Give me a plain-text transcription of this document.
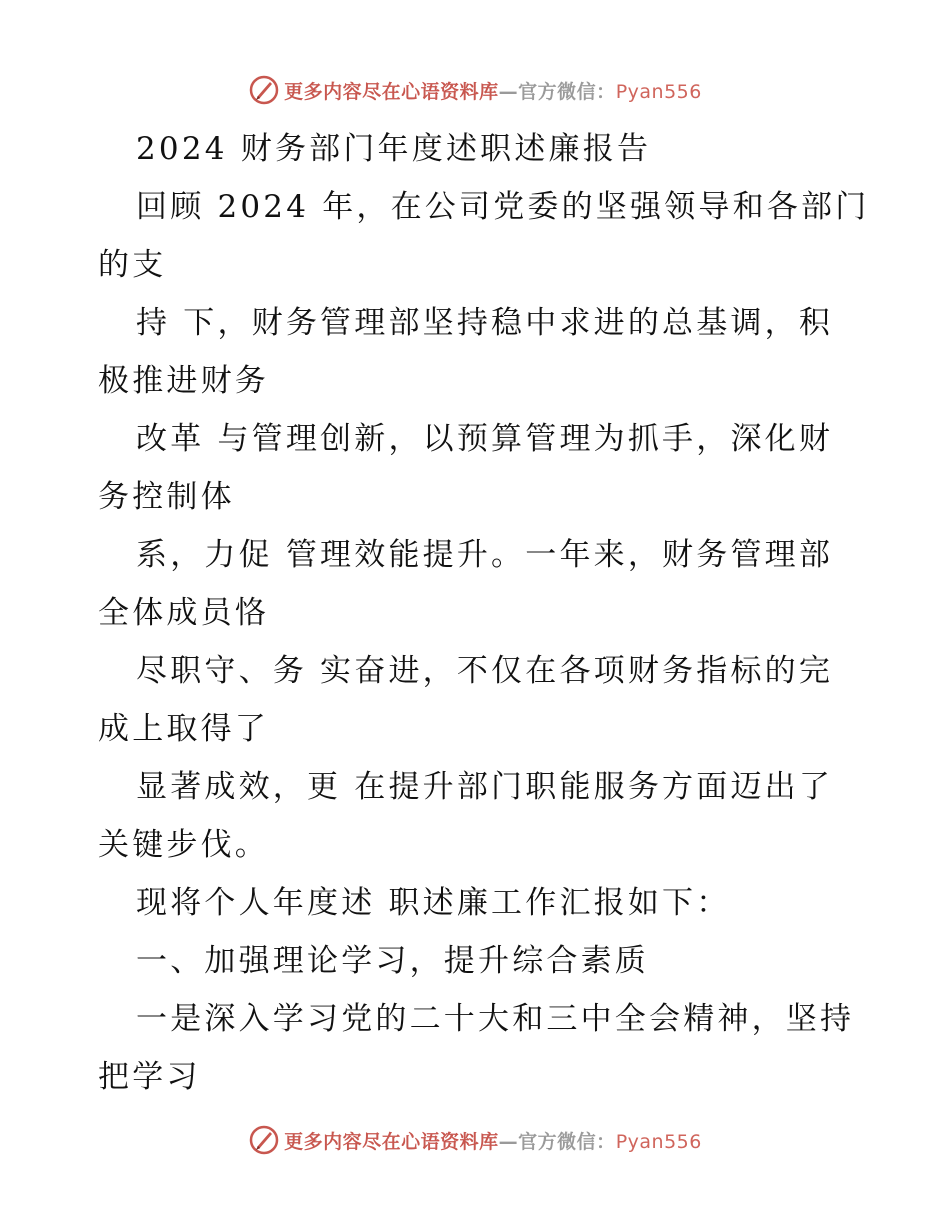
更多内容尽在心语资料库—官方微信：Pyan556
2024 财务部门年度述职述廉报告
回顾 2024 年，在公司党委的坚强领导和各部门
的支
持 下，财务管理部坚持稳中求进的总基调，积
极推进财务
改革 与管理创新，以预算管理为抓手，深化财
务控制体
系，力促 管理效能提升。一年来，财务管理部
全体成员恪
尽职守、务 实奋进，不仅在各项财务指标的完
成上取得了
显著成效，更 在提升部门职能服务方面迈出了
关键步伐。
现将个人年度述 职述廉工作汇报如下：
一、加强理论学习，提升综合素质
一是深入学习党的二十大和三中全会精神，坚持
把学习
更多内容尽在心语资料库—官方微信：Pyan556
